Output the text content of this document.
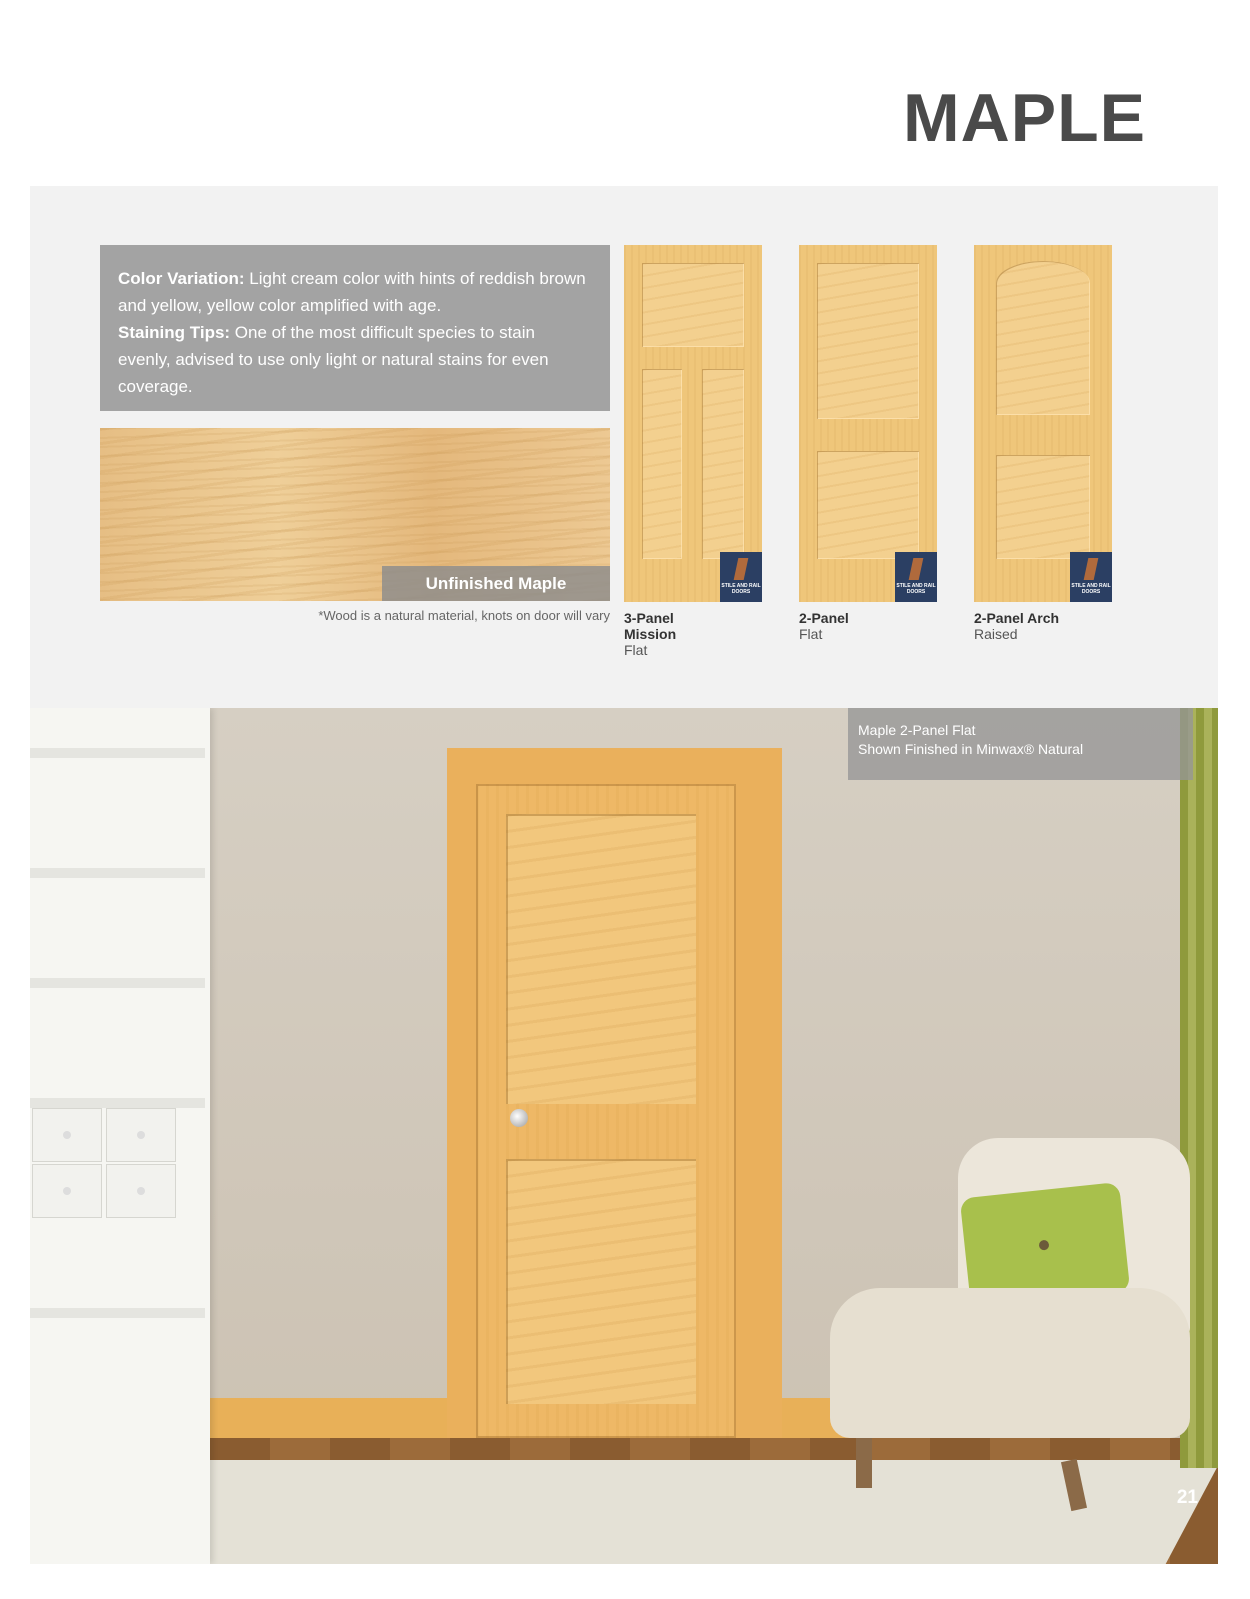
MAPLE
Color Variation: Light cream color with hints of reddish brown and yellow, yellow color amplified with age.
Staining Tips: One of the most difficult species to stain evenly, advised to use only light or natural stains for even coverage.
Unfinished Maple
*Wood is a natural material, knots on door will vary
STILE AND RAIL DOORS
3-Panel
Mission
Flat
STILE AND RAIL DOORS
2-Panel
Flat
STILE AND RAIL DOORS
2-Panel Arch
Raised
Maple 2-Panel Flat
Shown Finished in Minwax® Natural
21
